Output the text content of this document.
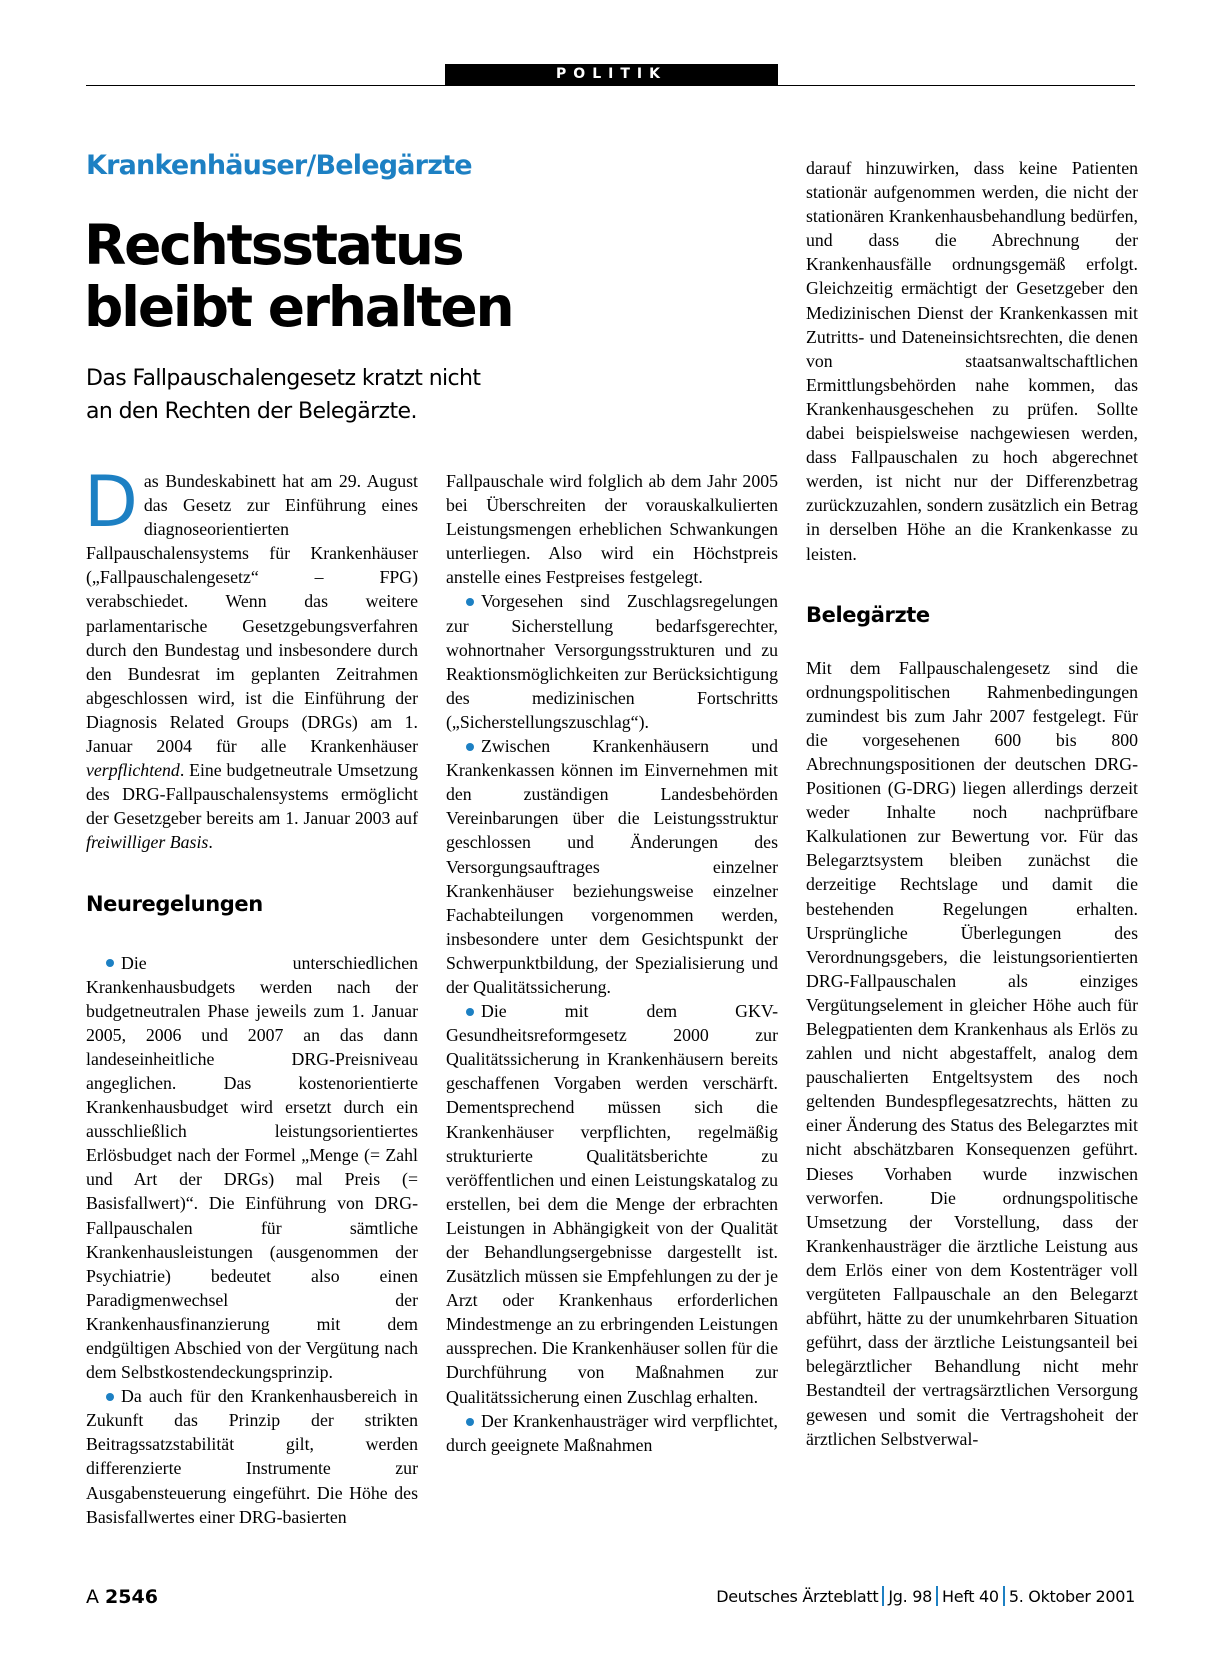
POLITIK
Krankenhäuser/Belegärzte
Rechtsstatus
bleibt erhalten
Das Fallpauschalengesetz kratzt nicht
an den Rechten der Belegärzte.

Das Bundeskabinett hat am 29. August das Gesetz zur Einführung eines diagnoseorientierten Fallpauschalensystems für Krankenhäuser („Fallpauschalengesetz“ – FPG) verabschiedet. Wenn das weitere parlamentarische Gesetzgebungsverfahren durch den Bundestag und insbesondere durch den Bundesrat im geplanten Zeitrahmen abgeschlossen wird, ist die Einführung der Diagnosis Related Groups (DRGs) am 1. Januar 2004 für alle Krankenhäuser verpflichtend. Eine budgetneutrale Umsetzung des DRG-Fallpauschalensystems ermöglicht der Gesetzgeber bereits am 1. Januar 2003 auf freiwilliger Basis.

Neuregelungen

Die unterschiedlichen Krankenhausbudgets werden nach der budgetneutralen Phase jeweils zum 1. Januar 2005, 2006 und 2007 an das dann landeseinheitliche DRG-Preisniveau angeglichen. Das kostenorientierte Krankenhausbudget wird ersetzt durch ein ausschließlich leistungsorientiertes Erlösbudget nach der Formel „Menge (= Zahl und Art der DRGs) mal Preis (= Basisfallwert)“. Die Einführung von DRG-Fallpauschalen für sämtliche Krankenhausleistungen (ausgenommen der Psychiatrie) bedeutet also einen Paradigmenwechsel der Krankenhausfinanzierung mit dem endgültigen Abschied von der Vergütung nach dem Selbstkostendeckungsprinzip.

Da auch für den Krankenhausbereich in Zukunft das Prinzip der strikten Beitragssatzstabilität gilt, werden differenzierte Instrumente zur Ausgabensteuerung eingeführt. Die Höhe des Basisfallwertes einer DRG-basierten

Fallpauschale wird folglich ab dem Jahr 2005 bei Überschreiten der vorauskalkulierten Leistungsmengen erheblichen Schwankungen unterliegen. Also wird ein Höchstpreis anstelle eines Festpreises festgelegt.

Vorgesehen sind Zuschlagsregelungen zur Sicherstellung bedarfsgerechter, wohnortnaher Versorgungsstrukturen und zu Reaktionsmöglichkeiten zur Berücksichtigung des medizinischen Fortschritts („Sicherstellungszuschlag“).

Zwischen Krankenhäusern und Krankenkassen können im Einvernehmen mit den zuständigen Landesbehörden Vereinbarungen über die Leistungsstruktur geschlossen und Änderungen des Versorgungsauftrages einzelner Krankenhäuser beziehungsweise einzelner Fachabteilungen vorgenommen werden, insbesondere unter dem Gesichtspunkt der Schwerpunktbildung, der Spezialisierung und der Qualitätssicherung.

Die mit dem GKV-Gesundheitsreformgesetz 2000 zur Qualitätssicherung in Krankenhäusern bereits geschaffenen Vorgaben werden verschärft. Dementsprechend müssen sich die Krankenhäuser verpflichten, regelmäßig strukturierte Qualitätsberichte zu veröffentlichen und einen Leistungskatalog zu erstellen, bei dem die Menge der erbrachten Leistungen in Abhängigkeit von der Qualität der Behandlungsergebnisse dargestellt ist. Zusätzlich müssen sie Empfehlungen zu der je Arzt oder Krankenhaus erforderlichen Mindestmenge an zu erbringenden Leistungen aussprechen. Die Krankenhäuser sollen für die Durchführung von Maßnahmen zur Qualitätssicherung einen Zuschlag erhalten.

Der Krankenhausträger wird verpflichtet, durch geeignete Maßnahmen

darauf hinzuwirken, dass keine Patienten stationär aufgenommen werden, die nicht der stationären Krankenhausbehandlung bedürfen, und dass die Abrechnung der Krankenhausfälle ordnungsgemäß erfolgt. Gleichzeitig ermächtigt der Gesetzgeber den Medizinischen Dienst der Krankenkassen mit Zutritts- und Dateneinsichtsrechten, die denen von staatsanwaltschaftlichen Ermittlungsbehörden nahe kommen, das Krankenhausgeschehen zu prüfen. Sollte dabei beispielsweise nachgewiesen werden, dass Fallpauschalen zu hoch abgerechnet werden, ist nicht nur der Differenzbetrag zurückzuzahlen, sondern zusätzlich ein Betrag in derselben Höhe an die Krankenkasse zu leisten.

Belegärzte

Mit dem Fallpauschalengesetz sind die ordnungspolitischen Rahmenbedingungen zumindest bis zum Jahr 2007 festgelegt. Für die vorgesehenen 600 bis 800 Abrechnungspositionen der deutschen DRG-Positionen (G-DRG) liegen allerdings derzeit weder Inhalte noch nachprüfbare Kalkulationen zur Bewertung vor. Für das Belegarztsystem bleiben zunächst die derzeitige Rechtslage und damit die bestehenden Regelungen erhalten. Ursprüngliche Überlegungen des Verordnungsgebers, die leistungsorientierten DRG-Fallpauschalen als einziges Vergütungselement in gleicher Höhe auch für Belegpatienten dem Krankenhaus als Erlös zu zahlen und nicht abgestaffelt, analog dem pauschalierten Entgeltsystem des noch geltenden Bundespflegesatzrechts, hätten zu einer Änderung des Status des Belegarztes mit nicht abschätzbaren Konsequenzen geführt. Dieses Vorhaben wurde inzwischen verworfen. Die ordnungspolitische Umsetzung der Vorstellung, dass der Krankenhausträger die ärztliche Leistung aus dem Erlös einer von dem Kostenträger voll vergüteten Fallpauschale an den Belegarzt abführt, hätte zu der unumkehrbaren Situation geführt, dass der ärztliche Leistungsanteil bei belegärztlicher Behandlung nicht mehr Bestandteil der vertragsärztlichen Versorgung gewesen und somit die Vertragshoheit der ärztlichen Selbstverwal-

A 2546	Deutsches Ärzteblatt Jg. 98 Heft 40 5. Oktober 2001
